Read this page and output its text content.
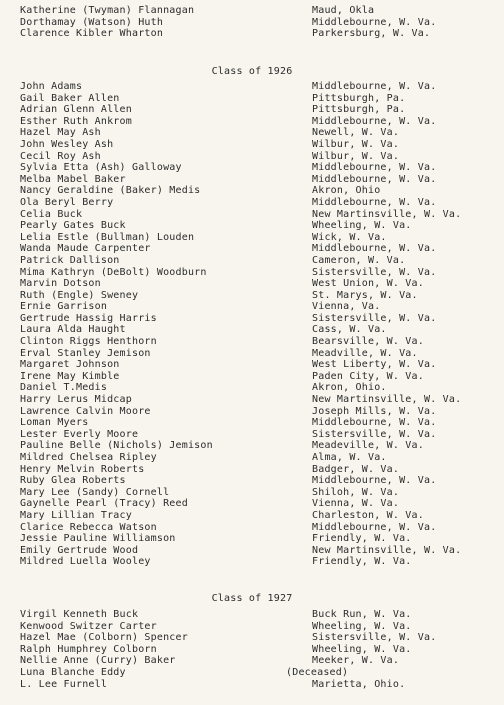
Katherine (Twyman) Flannagan	Maud, Okla
Dorthamay (Watson) Huth	Middlebourne, W. Va.
Clarence Kibler Wharton	Parkersburg, W. Va.
Class of 1926
John Adams	Middlebourne, W. Va.
Gail Baker Allen	Pittsburgh, Pa.
Adrian Glenn Allen	Pittsburgh, Pa.
Esther Ruth Ankrom	Middlebourne, W. Va.
Hazel May Ash	Newell, W. Va.
John Wesley Ash	Wilbur, W. Va.
Cecil Roy Ash	Wilbur, W. Va.
Sylvia Etta (Ash) Galloway	Middlebourne, W. Va.
Melba Mabel Baker	Middlebourne, W. Va.
Nancy Geraldine (Baker) Medis	Akron, Ohio
Ola Beryl Berry	Middlebourne, W. Va.
Celia Buck	New Martinsville, W. Va.
Pearly Gates Buck	Wheeling, W. Va.
Lelia Estle (Bullman) Louden	Wick, W. Va.
Wanda Maude Carpenter	Middlebourne, W. Va.
Patrick Dallison	Cameron, W. Va.
Mima Kathryn (DeBolt) Woodburn	Sistersville, W. Va.
Marvin Dotson	West Union, W. Va.
Ruth (Engle) Sweney	St. Marys, W. Va.
Ernie Garrison	Vienna, Va.
Gertrude Hassig Harris	Sistersville, W. Va.
Laura Alda Haught	Cass, W. Va.
Clinton Riggs Henthorn	Bearsville, W. Va.
Erval Stanley Jemison	Meadville, W. Va.
Margaret Johnson	West Liberty, W. Va.
Irene May Kimble	Paden City, W. Va.
Daniel T.Medis	Akron, Ohio.
Harry Lerus Midcap	New Martinsville, W. Va.
Lawrence Calvin Moore	Joseph Mills, W. Va.
Loman Myers	Middlebourne, W. Va.
Lester Everly Moore	Sistersville, W. Va.
Pauline Belle (Nichols) Jemison	Meadeville, W. Va.
Mildred Chelsea Ripley	Alma, W. Va.
Henry Melvin Roberts	Badger, W. Va.
Ruby Glea Roberts	Middlebourne, W. Va.
Mary Lee (Sandy) Cornell	Shiloh, W. Va.
Gaynelle Pearl (Tracy) Reed	Vienna, W. Va.
Mary Lillian Tracy	Charleston, W. Va.
Clarice Rebecca Watson	Middlebourne, W. Va.
Jessie Pauline Williamson	Friendly, W. Va.
Emily Gertrude Wood	New Martinsville, W. Va.
Mildred Luella Wooley	Friendly, W. Va.
Class of 1927
Virgil Kenneth Buck	Buck Run, W. Va.
Kenwood Switzer Carter	Wheeling, W. Va.
Hazel Mae (Colborn) Spencer	Sistersville, W. Va.
Ralph Humphrey Colborn	Wheeling, W. Va.
Nellie Anne (Curry) Baker	Meeker, W. Va.
Luna Blanche Eddy	(Deceased)
L. Lee Furnell	Marietta, Ohio.
